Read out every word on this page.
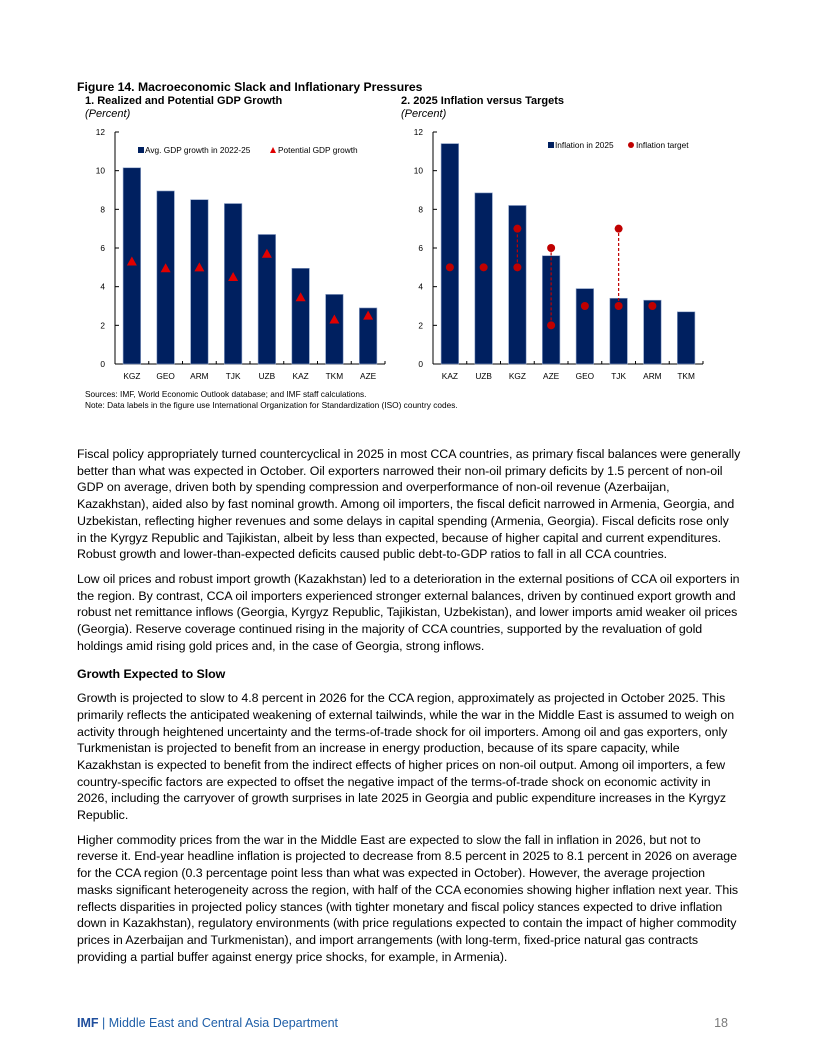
Figure 14. Macroeconomic Slack and Inflationary Pressures
1. Realized and Potential GDP Growth
(Percent)
2. 2025 Inflation versus Targets
(Percent)
0
2
4
6
8
10
12
KGZ GEO ARM TJK UZB KAZ TKM AZE
Avg. GDP growth in 2022-25	Potential GDP growth
0
2
4
6
8
10
12
KAZ UZB KGZ AZE GEO TJK ARM TKM
Inflation in 2025	Inflation target
Sources: IMF, World Economic Outlook database; and IMF staff calculations.
Note: Data labels in the figure use International Organization for Standardization (ISO) country codes.

Fiscal policy appropriately turned countercyclical in 2025 in most CCA countries, as primary fiscal balances were generally better than what was expected in October. Oil exporters narrowed their non-oil primary deficits by 1.5 percent of non-oil GDP on average, driven both by spending compression and overperformance of non-oil revenue (Azerbaijan, Kazakhstan), aided also by fast nominal growth. Among oil importers, the fiscal deficit narrowed in Armenia, Georgia, and Uzbekistan, reflecting higher revenues and some delays in capital spending (Armenia, Georgia). Fiscal deficits rose only in the Kyrgyz Republic and Tajikistan, albeit by less than expected, because of higher capital and current expenditures. Robust growth and lower-than-expected deficits caused public debt-to-GDP ratios to fall in all CCA countries.

Low oil prices and robust import growth (Kazakhstan) led to a deterioration in the external positions of CCA oil exporters in the region. By contrast, CCA oil importers experienced stronger external balances, driven by continued export growth and robust net remittance inflows (Georgia, Kyrgyz Republic, Tajikistan, Uzbekistan), and lower imports amid weaker oil prices (Georgia). Reserve coverage continued rising in the majority of CCA countries, supported by the revaluation of gold holdings amid rising gold prices and, in the case of Georgia, strong inflows.

Growth Expected to Slow

Growth is projected to slow to 4.8 percent in 2026 for the CCA region, approximately as projected in October 2025. This primarily reflects the anticipated weakening of external tailwinds, while the war in the Middle East is assumed to weigh on activity through heightened uncertainty and the terms-of-trade shock for oil importers. Among oil and gas exporters, only Turkmenistan is projected to benefit from an increase in energy production, because of its spare capacity, while Kazakhstan is expected to benefit from the indirect effects of higher prices on non-oil output. Among oil importers, a few country-specific factors are expected to offset the negative impact of the terms-of-trade shock on economic activity in 2026, including the carryover of growth surprises in late 2025 in Georgia and public expenditure increases in the Kyrgyz Republic.

Higher commodity prices from the war in the Middle East are expected to slow the fall in inflation in 2026, but not to reverse it. End-year headline inflation is projected to decrease from 8.5 percent in 2025 to 8.1 percent in 2026 on average for the CCA region (0.3 percentage point less than what was expected in October). However, the average projection masks significant heterogeneity across the region, with half of the CCA economies showing higher inflation next year. This reflects disparities in projected policy stances (with tighter monetary and fiscal policy stances expected to drive inflation down in Kazakhstan), regulatory environments (with price regulations expected to contain the impact of higher commodity prices in Azerbaijan and Turkmenistan), and import arrangements (with long-term, fixed-price natural gas contracts providing a partial buffer against energy price shocks, for example, in Armenia).

IMF | Middle East and Central Asia Department	18
